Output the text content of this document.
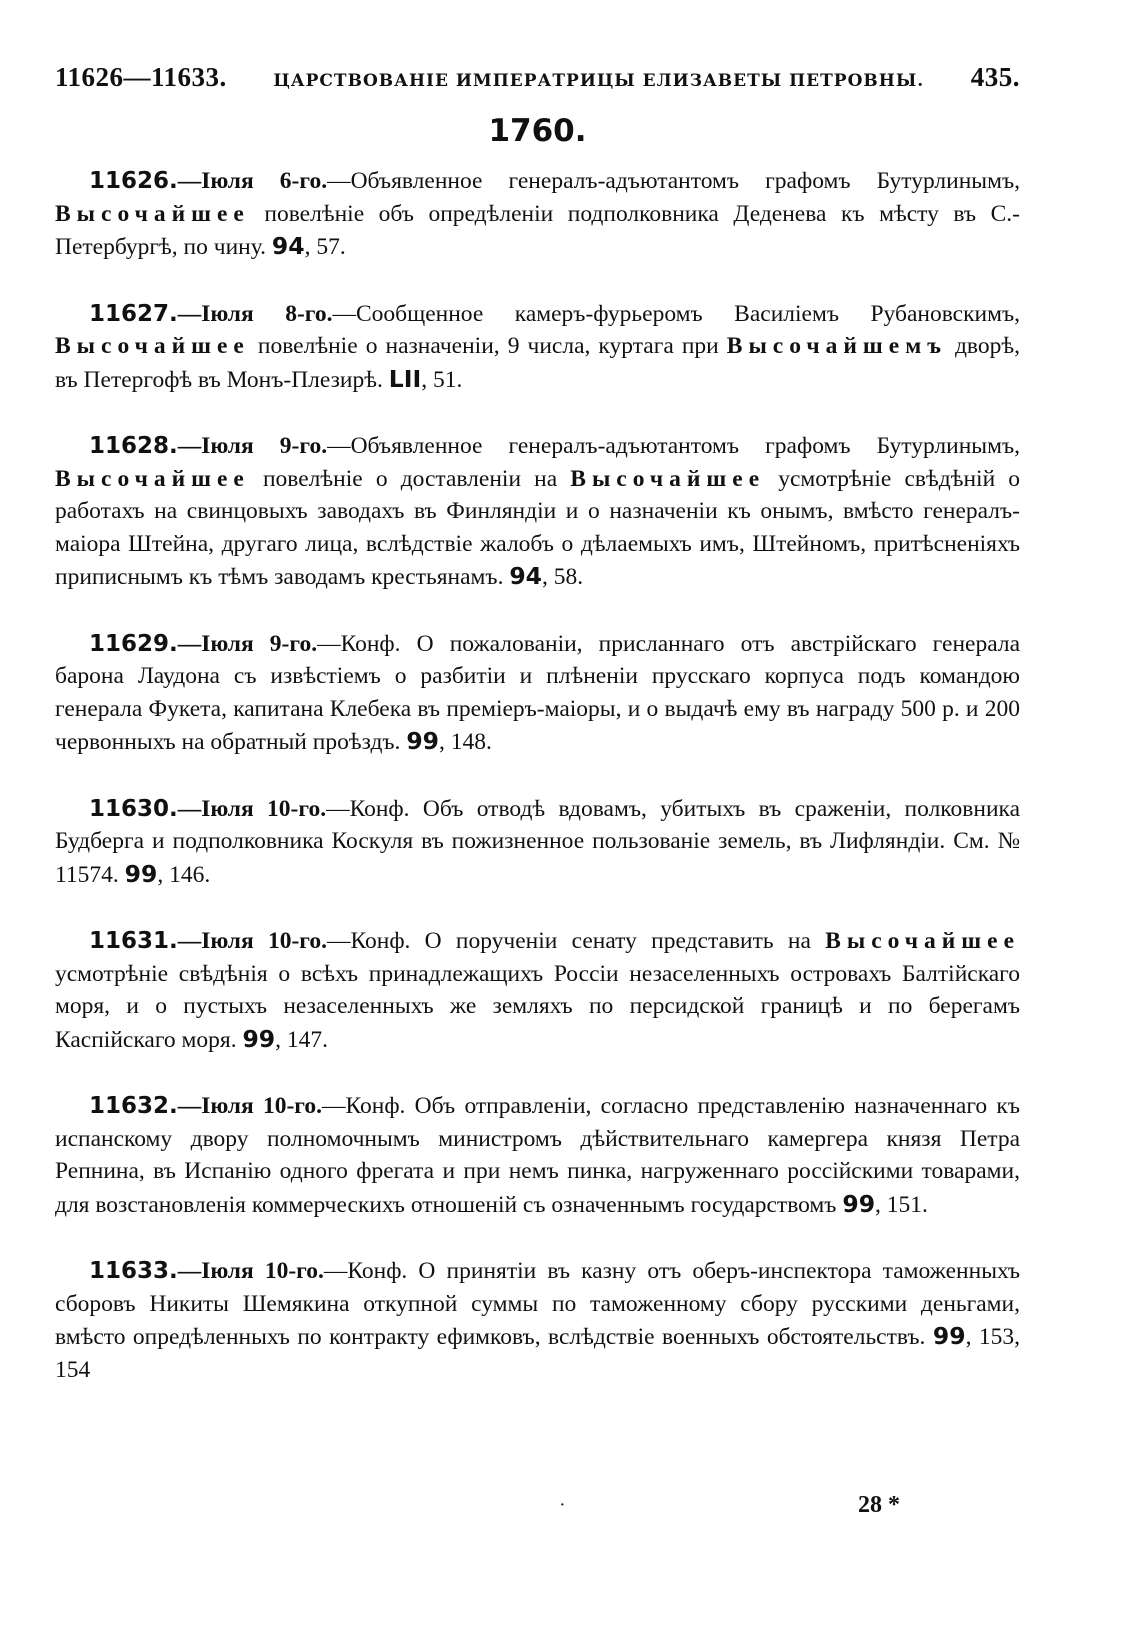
11626—11633.	ЦАРСТВОВАНІЕ ИМПЕРАТРИЦЫ ЕЛИЗАВЕТЫ ПЕТРОВНЫ. 435.
1760.

11626.—Іюля 6-го.—Объявленное генералъ-адъютантомъ графомъ Бутурлинымъ, Высочайшее повелѣніе объ опредѣленіи подполковника Деденева къ мѣсту въ С.-Петербургѣ, по чину. 94, 57.

11627.—Іюля 8-го.—Сообщенное камеръ-фурьеромъ Василіемъ Рубановскимъ, Высочайшее повелѣніе о назначеніи, 9 числа, куртага при Высочайшемъ дворѣ, въ Петергофѣ въ Монъ-Плезирѣ. LII, 51.

11628.—Іюля 9-го.—Объявленное генералъ-адъютантомъ графомъ Бутурлинымъ, Высочайшее повелѣніе о доставленіи на Высочайшее усмотрѣніе свѣдѣній о работахъ на свинцовыхъ заводахъ въ Финляндіи и о назначеніи къ онымъ, вмѣсто генералъ-маіора Штейна, другаго лица, вслѣдствіе жалобъ о дѣлаемыхъ имъ, Штейномъ, притѣсненіяхъ приписнымъ къ тѣмъ заводамъ крестьянамъ. 94, 58.

11629.—Іюля 9-го.—Конф. О пожалованіи, присланнаго отъ австрійскаго генерала барона Лаудона съ извѣстіемъ о разбитіи и плѣненіи прусскаго корпуса подъ командою генерала Фукета, капитана Клебека въ преміеръ-маіоры, и о выдачѣ ему въ награду 500 р. и 200 червонныхъ на обратный проѣздъ. 99, 148.

11630.—Іюля 10-го.—Конф. Объ отводѣ вдовамъ, убитыхъ въ сраженіи, полковника Будберга и подполковника Коскуля въ пожизненное пользованіе земель, въ Лифляндіи. См. № 11574. 99, 146.

11631.—Іюля 10-го.—Конф. О порученіи сенату представить на Высочайшее усмотрѣніе свѣдѣнія о всѣхъ принадлежащихъ Россіи незаселенныхъ островахъ Балтійскаго моря, и о пустыхъ незаселенныхъ же земляхъ по персидской границѣ и по берегамъ Каспійскаго моря. 99, 147.

11632.—Іюля 10-го.—Конф. Объ отправленіи, согласно представленію назначеннаго къ испанскому двору полномочнымъ министромъ дѣйствительнаго камергера князя Петра Репнина, въ Испанію одного фрегата и при немъ пинка, нагруженнаго россійскими товарами, для возстановленія коммерческихъ отношеній съ означеннымъ государствомъ 99, 151.

11633.—Іюля 10-го.—Конф. О принятіи въ казну отъ оберъ-инспектора таможенныхъ сборовъ Никиты Шемякина откупной суммы по таможенному сбору русскими деньгами, вмѣсто опредѣленныхъ по контракту ефимковъ, вслѣдствіе военныхъ обстоятельствъ. 99, 153, 154

·	28 *
